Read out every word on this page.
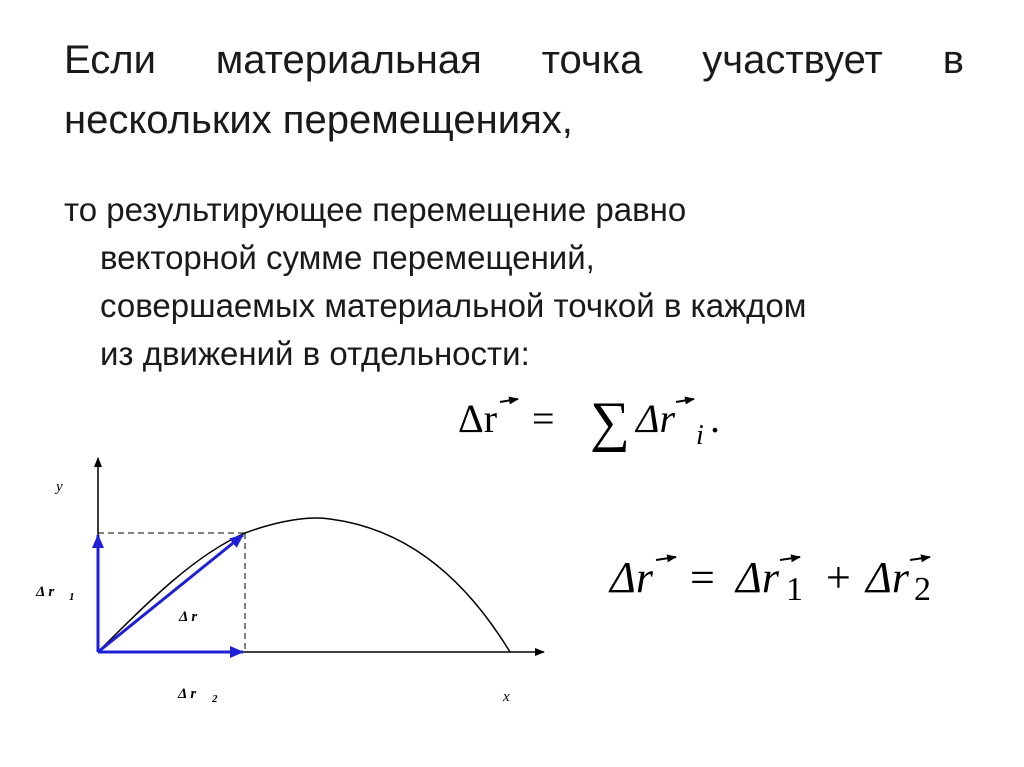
Если материальная точка участвует в
нескольких перемещениях,
то результирующее перемещение равно
векторной сумме перемещений,
совершаемых материальной точкой в каждом
из движений в отдельности:
Δr = ∑ Δr i .
Δr = Δr 1 + Δr 2
y
x
Δ r 1
Δ r
Δ r 2
